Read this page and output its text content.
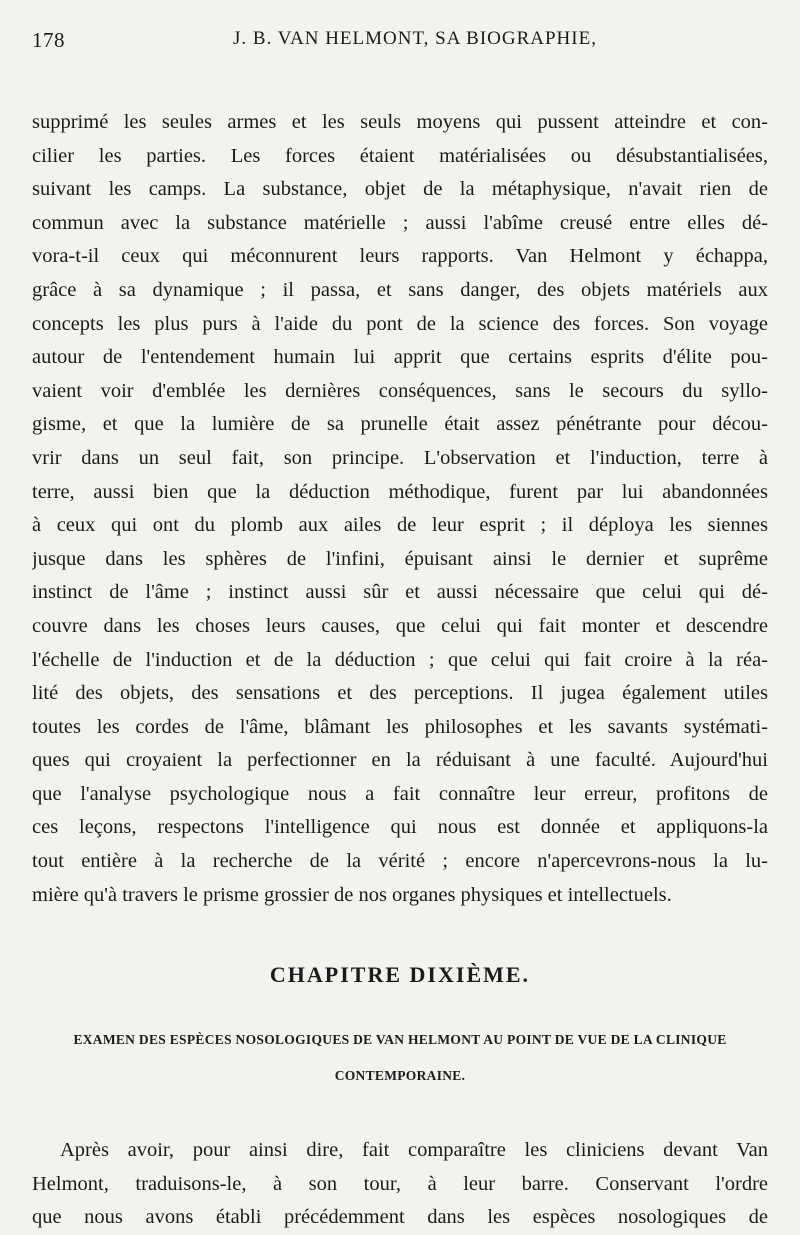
178	J. B. VAN HELMONT, SA BIOGRAPHIE,
supprimé les seules armes et les seuls moyens qui pussent atteindre et con-
cilier les parties. Les forces étaient matérialisées ou désubstantialisées,
suivant les camps. La substance, objet de la métaphysique, n'avait rien de
commun avec la substance matérielle ; aussi l'abîme creusé entre elles dé-
vora-t-il ceux qui méconnurent leurs rapports. Van Helmont y échappa,
grâce à sa dynamique ; il passa, et sans danger, des objets matériels aux
concepts les plus purs à l'aide du pont de la science des forces. Son voyage
autour de l'entendement humain lui apprit que certains esprits d'élite pou-
vaient voir d'emblée les dernières conséquences, sans le secours du syllo-
gisme, et que la lumière de sa prunelle était assez pénétrante pour décou-
vrir dans un seul fait, son principe. L'observation et l'induction, terre à
terre, aussi bien que la déduction méthodique, furent par lui abandonnées
à ceux qui ont du plomb aux ailes de leur esprit ; il déploya les siennes
jusque dans les sphères de l'infini, épuisant ainsi le dernier et suprême
instinct de l'âme ; instinct aussi sûr et aussi nécessaire que celui qui dé-
couvre dans les choses leurs causes, que celui qui fait monter et descendre
l'échelle de l'induction et de la déduction ; que celui qui fait croire à la réa-
lité des objets, des sensations et des perceptions. Il jugea également utiles
toutes les cordes de l'âme, blâmant les philosophes et les savants systémati-
ques qui croyaient la perfectionner en la réduisant à une faculté. Aujourd'hui
que l'analyse psychologique nous a fait connaître leur erreur, profitons de
ces leçons, respectons l'intelligence qui nous est donnée et appliquons-la
tout entière à la recherche de la vérité ; encore n'apercevrons-nous la lu-
mière qu'à travers le prisme grossier de nos organes physiques et intellectuels.
CHAPITRE DIXIÈME.
EXAMEN DES ESPÈCES NOSOLOGIQUES DE VAN HELMONT AU POINT DE VUE DE LA CLINIQUE
CONTEMPORAINE.
Après avoir, pour ainsi dire, fait comparaître les cliniciens devant Van
Helmont, traduisons-le, à son tour, à leur barre. Conservant l'ordre
que nous avons établi précédemment dans les espèces nosologiques de
